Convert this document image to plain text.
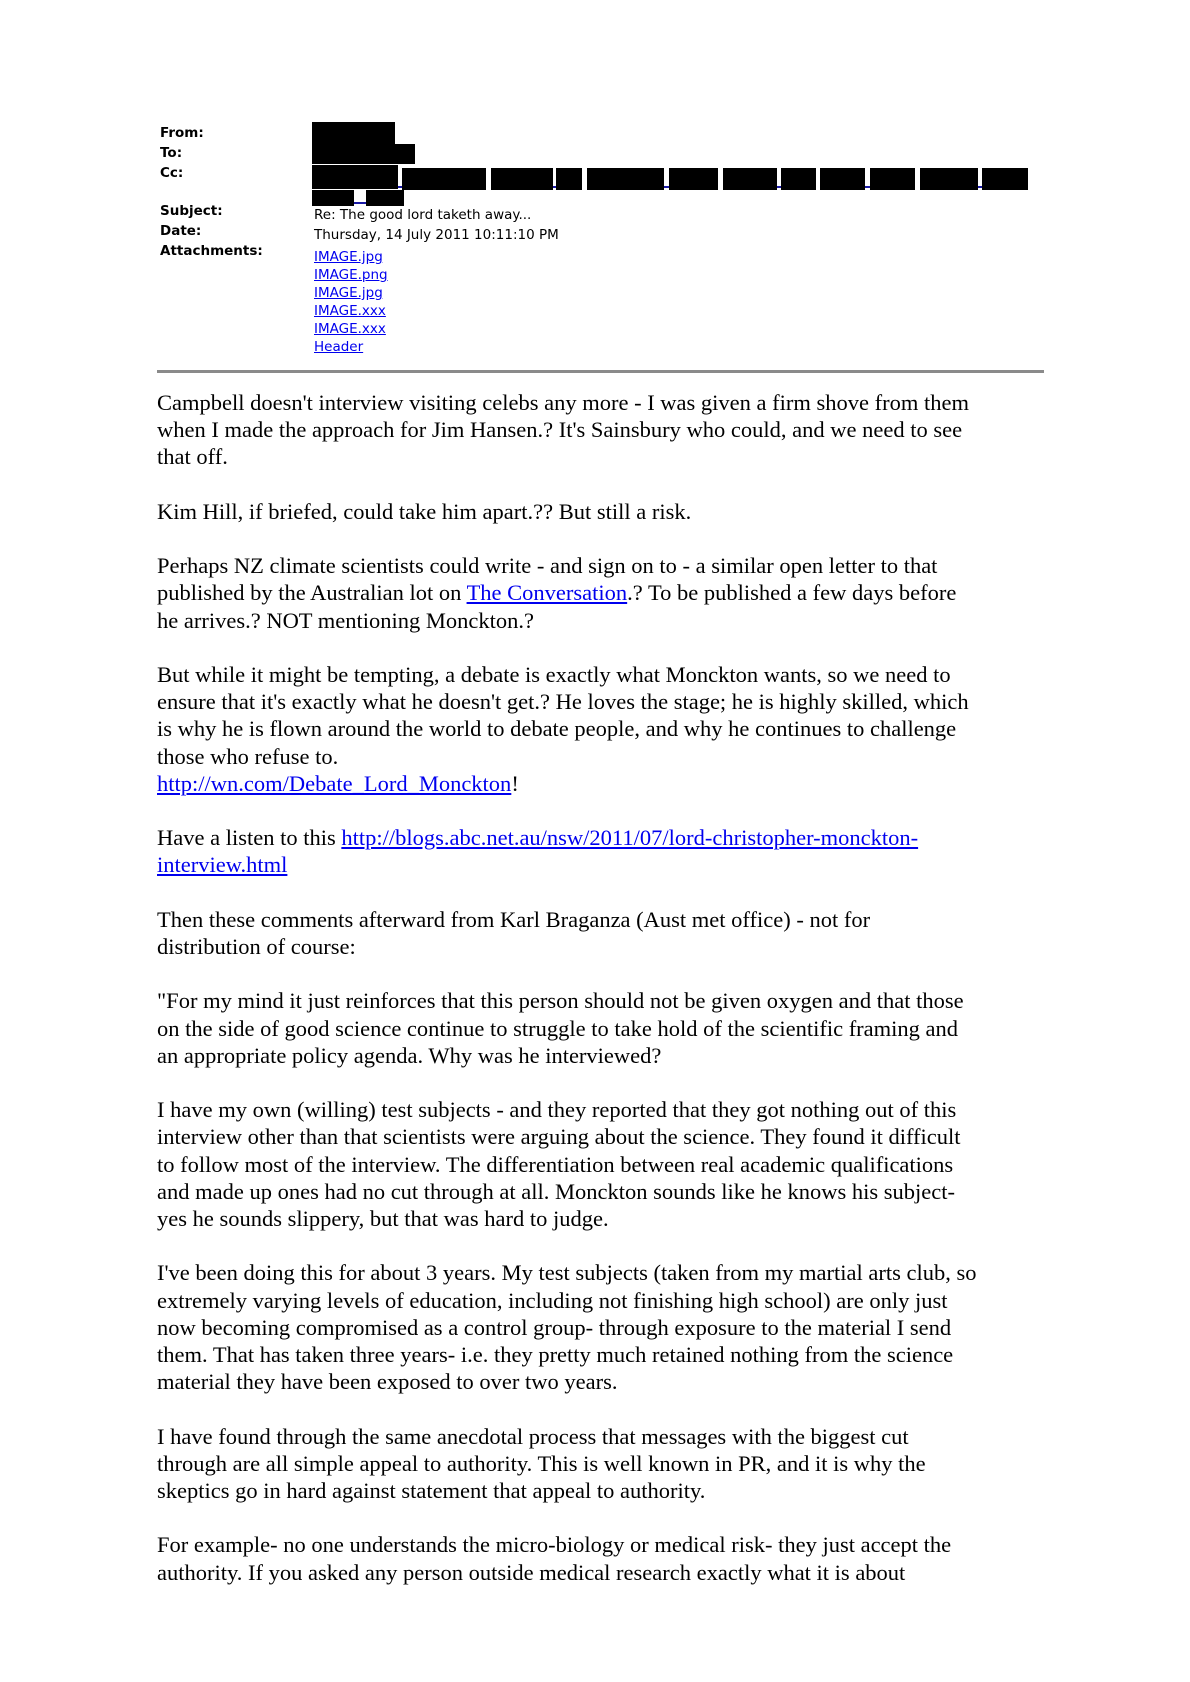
From:
To:
Cc:
Subject:
Date:
Attachments:
Re: The good lord taketh away...
Thursday, 14 July 2011 10:11:10 PM
IMAGE.jpg
IMAGE.png
IMAGE.jpg
IMAGE.xxx
IMAGE.xxx
Header

Campbell doesn't interview visiting celebs any more - I was given a firm shove from them
when I made the approach for Jim Hansen.? It's Sainsbury who could, and we need to see
that off.

Kim Hill, if briefed, could take him apart.?? But still a risk.

Perhaps NZ climate scientists could write - and sign on to - a similar open letter to that
published by the Australian lot on The Conversation.? To be published a few days before
he arrives.? NOT mentioning Monckton.?

But while it might be tempting, a debate is exactly what Monckton wants, so we need to
ensure that it's exactly what he doesn't get.? He loves the stage; he is highly skilled, which
is why he is flown around the world to debate people, and why he continues to challenge
those who refuse to.
http://wn.com/Debate_Lord_Monckton!

Have a listen to this http://blogs.abc.net.au/nsw/2011/07/lord-christopher-monckton-
interview.html

Then these comments afterward from Karl Braganza (Aust met office) - not for
distribution of course:

"For my mind it just reinforces that this person should not be given oxygen and that those
on the side of good science continue to struggle to take hold of the scientific framing and
an appropriate policy agenda. Why was he interviewed?

I have my own (willing) test subjects - and they reported that they got nothing out of this
interview other than that scientists were arguing about the science. They found it difficult
to follow most of the interview. The differentiation between real academic qualifications
and made up ones had no cut through at all. Monckton sounds like he knows his subject-
yes he sounds slippery, but that was hard to judge.

I've been doing this for about 3 years. My test subjects (taken from my martial arts club, so
extremely varying levels of education, including not finishing high school) are only just
now becoming compromised as a control group- through exposure to the material I send
them. That has taken three years- i.e. they pretty much retained nothing from the science
material they have been exposed to over two years.

I have found through the same anecdotal process that messages with the biggest cut
through are all simple appeal to authority. This is well known in PR, and it is why the
skeptics go in hard against statement that appeal to authority.

For example- no one understands the micro-biology or medical risk- they just accept the
authority. If you asked any person outside medical research exactly what it is about
